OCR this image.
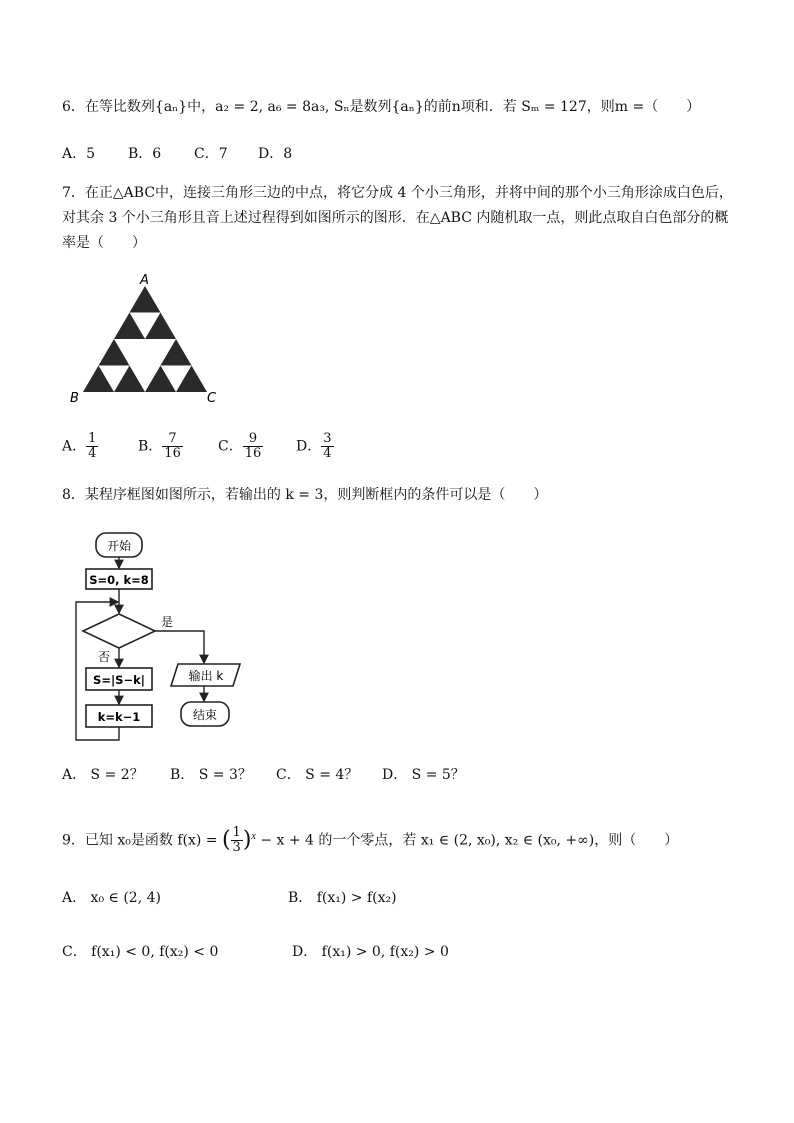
6．在等比数列{aₙ}中，a₂ = 2, a₆ = 8a₃, Sₙ是数列{aₙ}的前n项和．若 Sₘ = 127，则m =（　　）
A．5 B．6 C．7 D．8
7．在正△ABC中，连接三角形三边的中点，将它分成 4 个小三角形，并将中间的那个小三角形涂成白色后，
对其余 3 个小三角形且音上述过程得到如图所示的图形．在△ABC 内随机取一点，则此点取自白色部分的概
率是（　　）
A
B	C
A． $\frac{1}{4}$	B． $\frac{7}{16}$	C． $\frac{9}{16}$ D． $\frac{3}{4}$
8．某程序框图如图所示，若输出的 k = 3，则判断框内的条件可以是（　　）
开始
S=0, k=8
是
否
S=|S−k|
k=k−1
输出 k
结束
A． S = 2？ B． S = 3？ C． S = 4？ D． S = 5？
9．已知 x₀是函数 f(x) = ( $\frac{1}{3} )^x - x + 4$ 的一个零点，若 x₁ ∈ (2, x₀), x₂ ∈ (x₀, +∞)，则（　　）
A． x₀ ∈ (2, 4)	B． f(x₁) > f(x₂)
C． f(x₁) < 0, f(x₂) < 0	D． f(x₁) > 0, f(x₂) > 0
